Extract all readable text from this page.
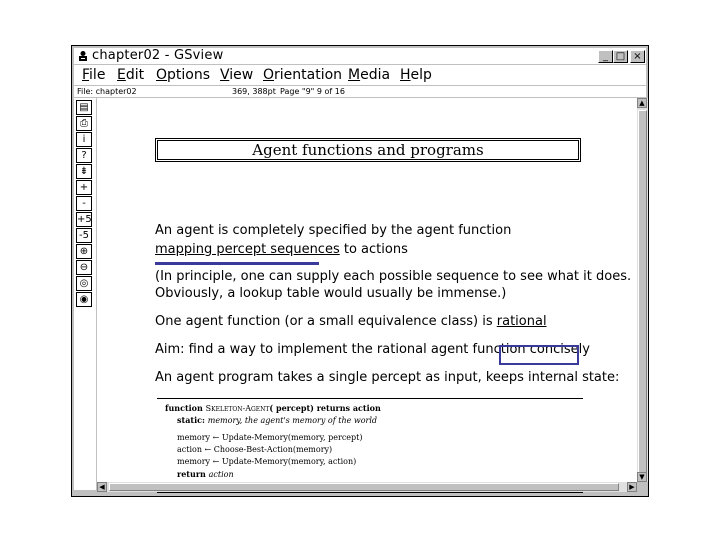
chapter02 - GSview	_ □ ×
File Edit Options View Orientation Media Help
File: chapter02	369, 388pt Page "9" 9 of 16
▤
⎙
i
?
⇟
+
-
+5
-5
⊕
⊖
◎
◉
Agent functions and programs
An agent is completely specified by the agent function
mapping percept sequences to actions
(In principle, one can supply each possible sequence to see what it does.
Obviously, a lookup table would usually be immense.)
One agent function (or a small equivalence class) is rational
Aim: find a way to implement the rational agent function concisely
An agent program takes a single percept as input, keeps internal state:
function Skeleton-Agent( percept) returns action
static: memory, the agent's memory of the world
memory ← Update-Memory(memory, percept)
action ← Choose-Best-Action(memory)
memory ← Update-Memory(memory, action)
return action
▲
▼
◀	▶
